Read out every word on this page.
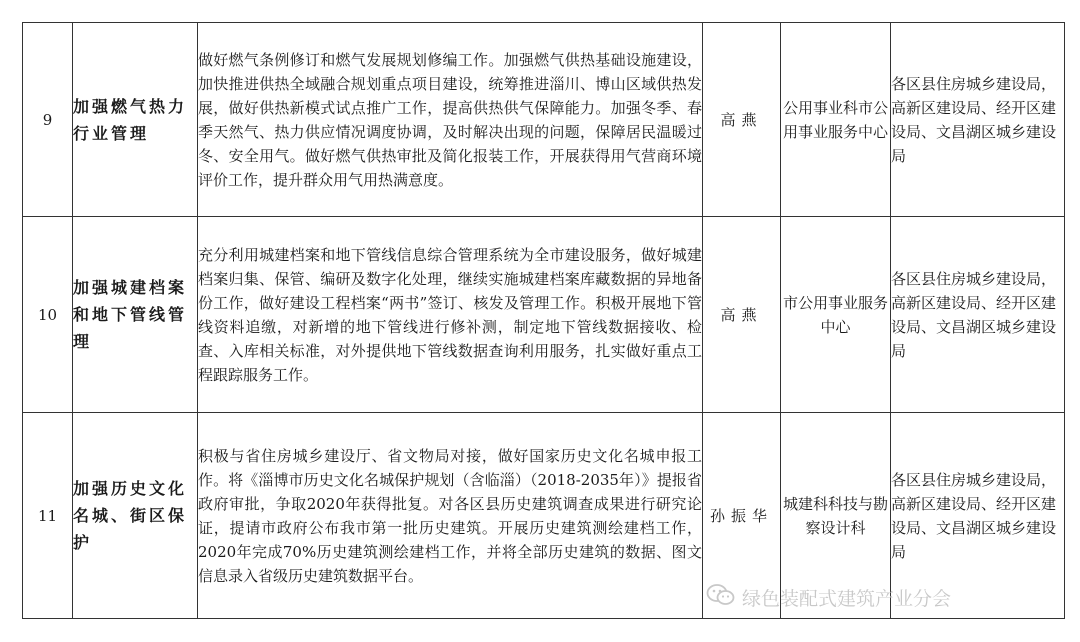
9	加强燃气热力行业管理	做好燃气条例修订和燃气发展规划修编工作。加强燃气供热基础设施建设，加快推进供热全域融合规划重点项目建设，统筹推进淄川、博山区域供热发展，做好供热新模式试点推广工作，提高供热供气保障能力。加强冬季、春季天然气、热力供应情况调度协调，及时解决出现的问题，保障居民温暖过冬、安全用气。做好燃气供热审批及简化报装工作，开展获得用气营商环境评价工作，提升群众用气用热满意度。	高燕	公用事业科市公用事业服务中心	各区县住房城乡建设局，高新区建设局、经开区建设局、文昌湖区城乡建设局
10	加强城建档案和地下管线管理	充分利用城建档案和地下管线信息综合管理系统为全市建设服务，做好城建档案归集、保管、编研及数字化处理，继续实施城建档案库藏数据的异地备份工作，做好建设工程档案“两书”签订、核发及管理工作。积极开展地下管线资料追缴，对新增的地下管线进行修补测，制定地下管线数据接收、检查、入库相关标准，对外提供地下管线数据查询利用服务，扎实做好重点工程跟踪服务工作。	高燕	市公用事业服务中心	各区县住房城乡建设局，高新区建设局、经开区建设局、文昌湖区城乡建设局
11	加强历史文化名城、街区保护	积极与省住房城乡建设厅、省文物局对接，做好国家历史文化名城申报工作。将《淄博市历史文化名城保护规划（含临淄）（2018-2035年）》提报省政府审批，争取2020年获得批复。对各区县历史建筑调查成果进行研究论证，提请市政府公布我市第一批历史建筑。开展历史建筑测绘建档工作，2020年完成70%历史建筑测绘建档工作，并将全部历史建筑的数据、图文信息录入省级历史建筑数据平台。	孙振华	城建科科技与勘察设计科	各区县住房城乡建设局，高新区建设局、经开区建设局、文昌湖区城乡建设局
绿色装配式建筑产业分会
